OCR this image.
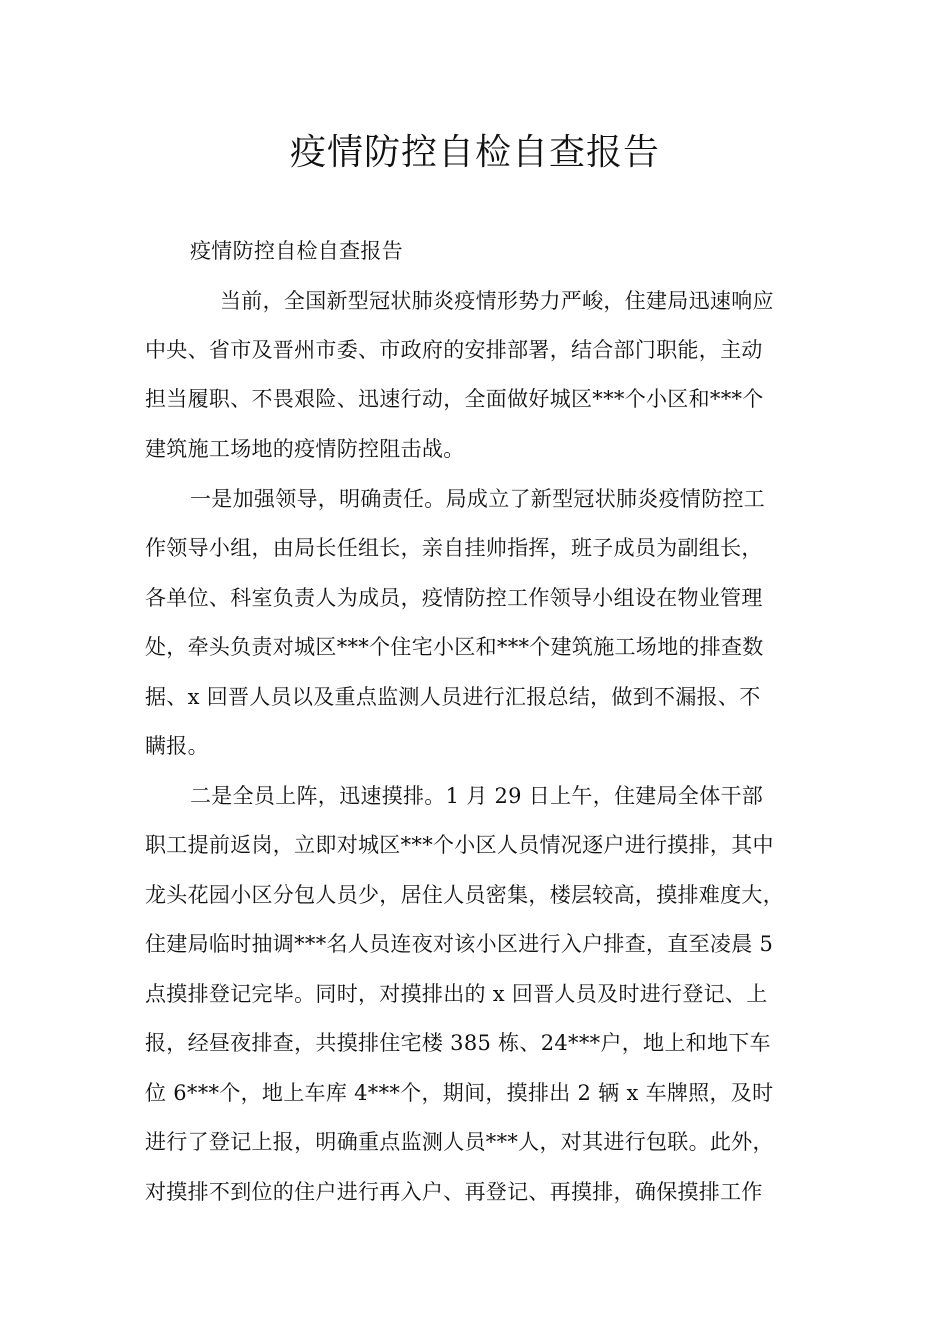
疫情防控自检自查报告
疫情防控自检自查报告
当前，全国新型冠状肺炎疫情形势力严峻，住建局迅速响应
中央、省市及晋州市委、市政府的安排部署，结合部门职能，主动
担当履职、不畏艰险、迅速行动，全面做好城区***个小区和***个
建筑施工场地的疫情防控阻击战。
一是加强领导，明确责任。局成立了新型冠状肺炎疫情防控工
作领导小组，由局长任组长，亲自挂帅指挥，班子成员为副组长，
各单位、科室负责人为成员，疫情防控工作领导小组设在物业管理
处，牵头负责对城区***个住宅小区和***个建筑施工场地的排查数
据、x 回晋人员以及重点监测人员进行汇报总结，做到不漏报、不
瞒报。
二是全员上阵，迅速摸排。1 月 29 日上午，住建局全体干部
职工提前返岗，立即对城区***个小区人员情况逐户进行摸排，其中
龙头花园小区分包人员少，居住人员密集，楼层较高，摸排难度大，
住建局临时抽调***名人员连夜对该小区进行入户排查，直至凌晨 5
点摸排登记完毕。同时，对摸排出的 x 回晋人员及时进行登记、上
报，经昼夜排查，共摸排住宅楼 385 栋、24***户，地上和地下车
位 6***个，地上车库 4***个，期间，摸排出 2 辆 x 车牌照，及时
进行了登记上报，明确重点监测人员***人，对其进行包联。此外，
对摸排不到位的住户进行再入户、再登记、再摸排，确保摸排工作
